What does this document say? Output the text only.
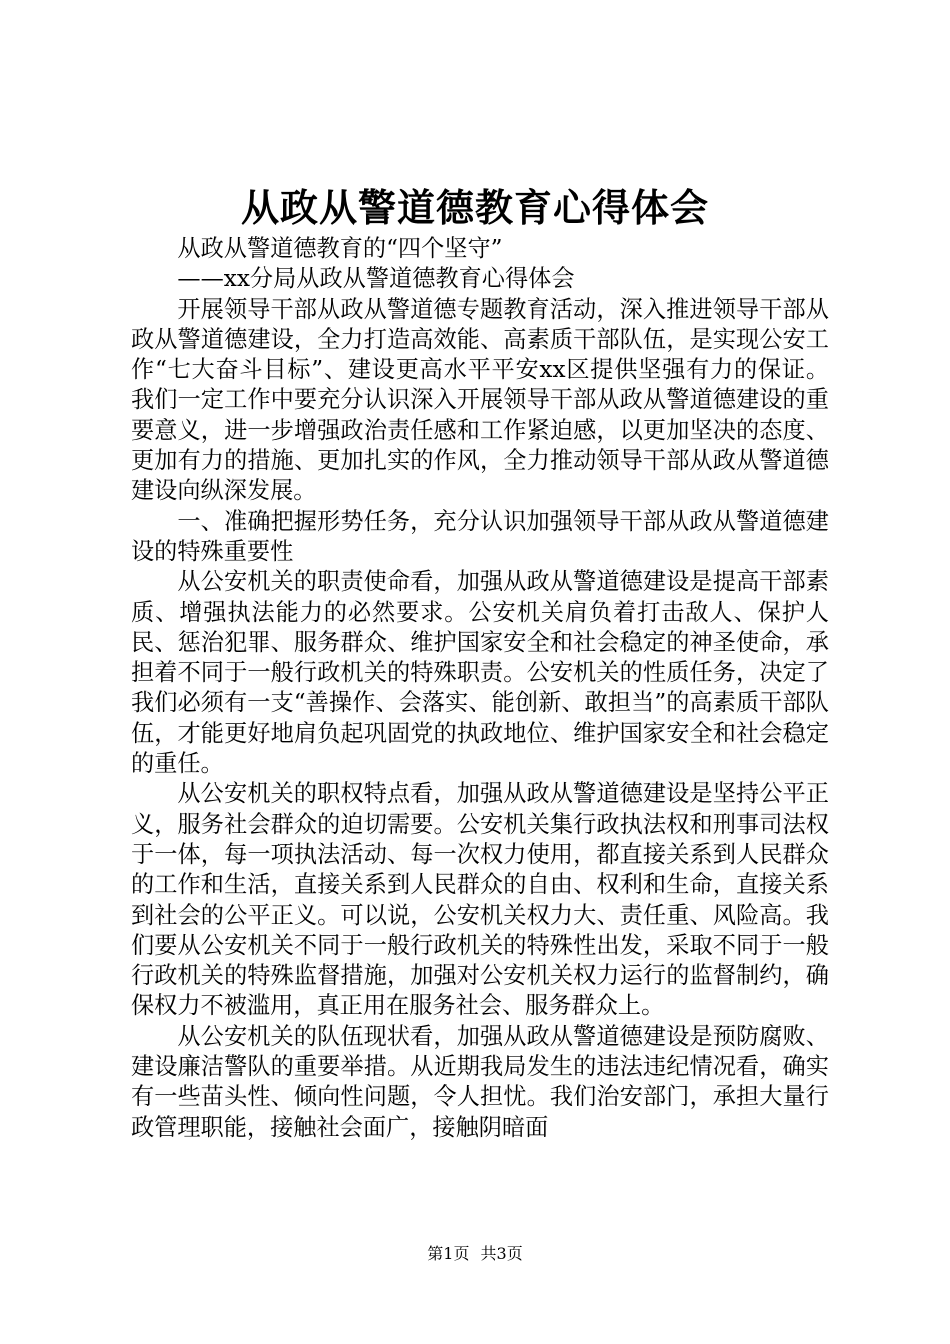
从政从警道德教育心得体会

从政从警道德教育的“四个坚守”

——xx分局从政从警道德教育心得体会

开展领导干部从政从警道德专题教育活动，深入推进领导干部从政从警道德建设，全力打造高效能、高素质干部队伍，是实现公安工作“七大奋斗目标”、建设更高水平平安xx区提供坚强有力的保证。我们一定工作中要充分认识深入开展领导干部从政从警道德建设的重要意义，进一步增强政治责任感和工作紧迫感，以更加坚决的态度、更加有力的措施、更加扎实的作风，全力推动领导干部从政从警道德建设向纵深发展。

一、准确把握形势任务，充分认识加强领导干部从政从警道德建设的特殊重要性

从公安机关的职责使命看，加强从政从警道德建设是提高干部素质、增强执法能力的必然要求。公安机关肩负着打击敌人、保护人民、惩治犯罪、服务群众、维护国家安全和社会稳定的神圣使命，承担着不同于一般行政机关的特殊职责。公安机关的性质任务，决定了我们必须有一支“善操作、会落实、能创新、敢担当”的高素质干部队伍，才能更好地肩负起巩固党的执政地位、维护国家安全和社会稳定的重任。

从公安机关的职权特点看，加强从政从警道德建设是坚持公平正义，服务社会群众的迫切需要。公安机关集行政执法权和刑事司法权于一体，每一项执法活动、每一次权力使用，都直接关系到人民群众的工作和生活，直接关系到人民群众的自由、权利和生命，直接关系到社会的公平正义。可以说，公安机关权力大、责任重、风险高。我们要从公安机关不同于一般行政机关的特殊性出发，采取不同于一般行政机关的特殊监督措施，加强对公安机关权力运行的监督制约，确保权力不被滥用，真正用在服务社会、服务群众上。

从公安机关的队伍现状看，加强从政从警道德建设是预防腐败、建设廉洁警队的重要举措。从近期我局发生的违法违纪情况看，确实有一些苗头性、倾向性问题，令人担忧。我们治安部门，承担大量行政管理职能，接触社会面广，接触阴暗面

第1页 共3页
